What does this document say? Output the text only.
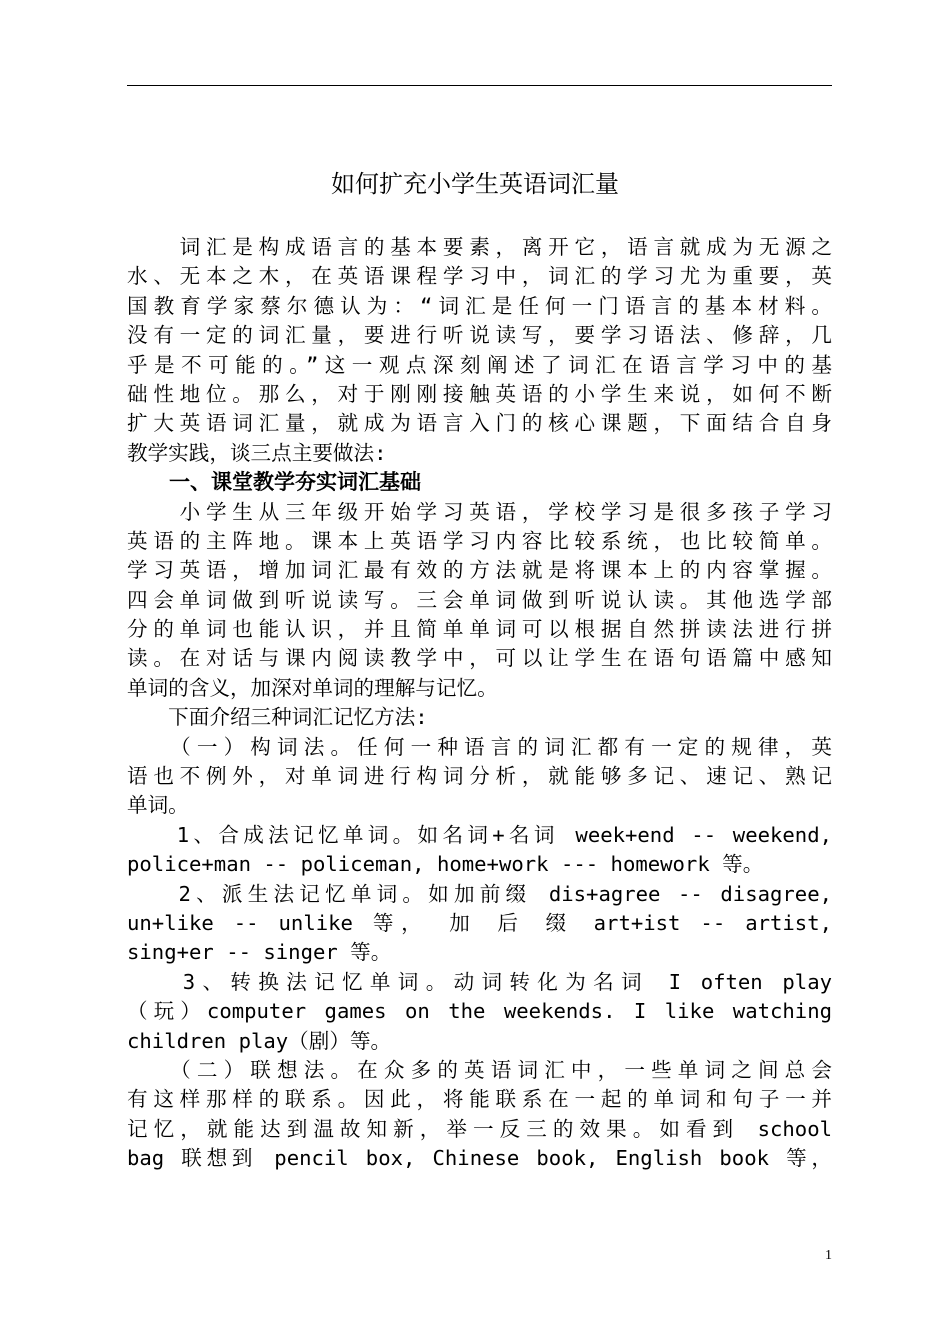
如何扩充小学生英语词汇量
　　词汇是构成语言的基本要素，离开它，语言就成为无源之
水、无本之木，在英语课程学习中，词汇的学习尤为重要，英
国教育学家蔡尔德认为：“词汇是任何一门语言的基本材料。
没有一定的词汇量，要进行听说读写，要学习语法、修辞，几
乎是不可能的。”这一观点深刻阐述了词汇在语言学习中的基
础性地位。那么，对于刚刚接触英语的小学生来说，如何不断
扩大英语词汇量，就成为语言入门的核心课题，下面结合自身
教学实践，谈三点主要做法:
　　一、课堂教学夯实词汇基础
　　小学生从三年级开始学习英语，学校学习是很多孩子学习
英语的主阵地。课本上英语学习内容比较系统，也比较简单。
学习英语，增加词汇最有效的方法就是将课本上的内容掌握。
四会单词做到听说读写。三会单词做到听说认读。其他选学部
分的单词也能认识，并且简单单词可以根据自然拼读法进行拼
读。在对话与课内阅读教学中，可以让学生在语句语篇中感知
单词的含义，加深对单词的理解与记忆。
　　下面介绍三种词汇记忆方法:
　　（一）构词法。任何一种语言的词汇都有一定的规律，英
语也不例外，对单词进行构词分析，就能够多记、速记、熟记
单词。
　　1、合成法记忆单词。如名词+名词 week+end -- weekend,
police+man -- policeman, home+work --- homework 等。
　　2、派生法记忆单词。如加前缀 dis+agree -- disagree,
un+like -- unlike 等， 加 后 缀 art+ist -- artist,
sing+er -- singer 等。
　　3、转换法记忆单词。动词转化为名词 I often play
（玩）computer games on the weekends. I like watching
children play（剧）等。
　　（二）联想法。在众多的英语词汇中，一些单词之间总会
有这样那样的联系。因此，将能联系在一起的单词和句子一并
记忆，就能达到温故知新，举一反三的效果。如看到 school
bag 联想到 pencil box, Chinese book, English book 等，
1
